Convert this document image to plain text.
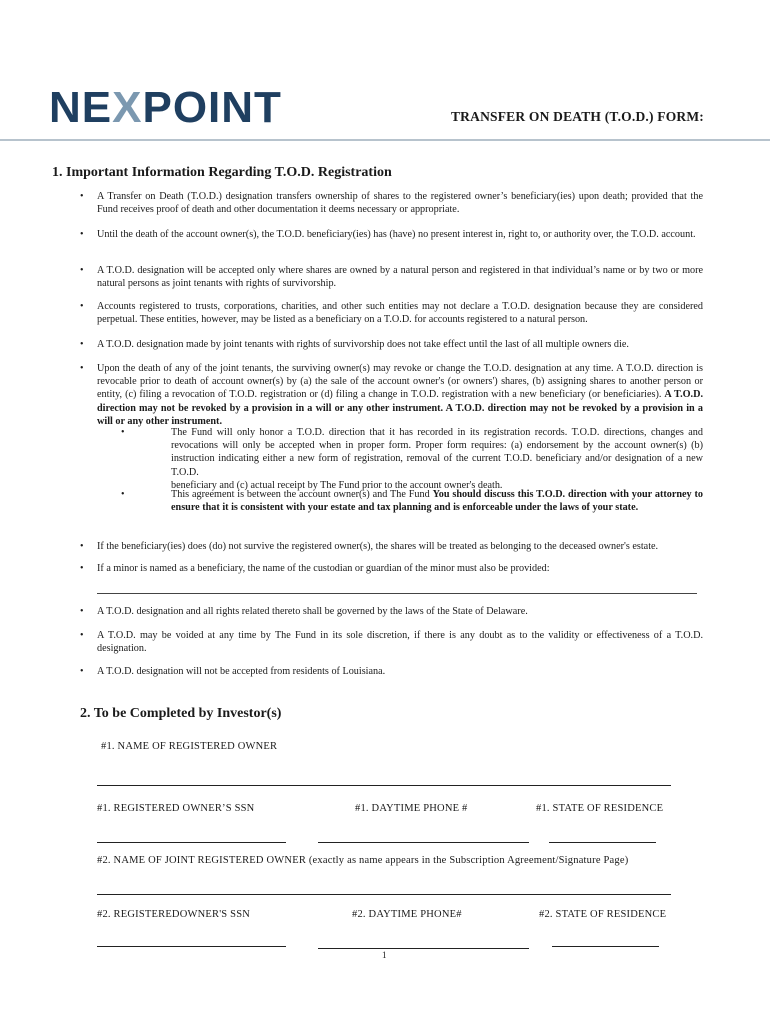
NEXPOINT	TRANSFER ON DEATH (T.O.D.) FORM:
1. Important Information Regarding T.O.D. Registration
• A Transfer on Death (T.O.D.) designation transfers ownership of shares to the registered owner’s beneficiary(ies) upon death; provided that the Fund receives proof of death and other documentation it deems necessary or appropriate.
• Until the death of the account owner(s), the T.O.D. beneficiary(ies) has (have) no present interest in, right to, or authority over, the T.O.D. account.
• A T.O.D. designation will be accepted only where shares are owned by a natural person and registered in that individual’s name or by two or more natural persons as joint tenants with rights of survivorship.
• Accounts registered to trusts, corporations, charities, and other such entities may not declare a T.O.D. designation because they are considered perpetual. These entities, however, may be listed as a beneficiary on a T.O.D. for accounts registered to a natural person.
• A T.O.D. designation made by joint tenants with rights of survivorship does not take effect until the last of all multiple owners die.
• Upon the death of any of the joint tenants, the surviving owner(s) may revoke or change the T.O.D. designation at any time. A T.O.D. direction is revocable prior to death of account owner(s) by (a) the sale of the account owner's (or owners') shares, (b) assigning shares to another person or entity, (c) filing a revocation of T.O.D. registration or (d) filing a change in T.O.D. registration with a new beneficiary (or beneficiaries). A T.O.D. direction may not be revoked by a provision in a will or any other instrument. A T.O.D. direction may not be revoked by a provision in a will or any other instrument.
•	The Fund will only honor a T.O.D. direction that it has recorded in its registration records. T.O.D. directions, changes and revocations will only be accepted when in proper form. Proper form requires: (a) endorsement by the account owner(s) (b) instruction indicating either a new form of registration, removal of the current T.O.D. beneficiary and/or designation of a new T.O.D.
beneficiary and (c) actual receipt by The Fund prior to the account owner's death.
•	This agreement is between the account owner(s) and The Fund You should discuss this T.O.D. direction with your attorney to ensure that it is consistent with your estate and tax planning and is enforceable under the laws of your state.
• If the beneficiary(ies) does (do) not survive the registered owner(s), the shares will be treated as belonging to the deceased owner's estate.
• If a minor is named as a beneficiary, the name of the custodian or guardian of the minor must also be provided:
• A T.O.D. designation and all rights related thereto shall be governed by the laws of the State of Delaware.
• A T.O.D. may be voided at any time by The Fund in its sole discretion, if there is any doubt as to the validity or effectiveness of a T.O.D. designation.
• A T.O.D. designation will not be accepted from residents of Louisiana.
2. To be Completed by Investor(s)
#1. NAME OF REGISTERED OWNER
#1. REGISTERED OWNER’S SSN	#1. DAYTIME PHONE #	#1. STATE OF RESIDENCE
#2. NAME OF JOINT REGISTERED OWNER (exactly as name appears in the Subscription Agreement/Signature Page)
#2. REGISTEREDOWNER'S SSN	#2. DAYTIME PHONE#	#2. STATE OF RESIDENCE
1
